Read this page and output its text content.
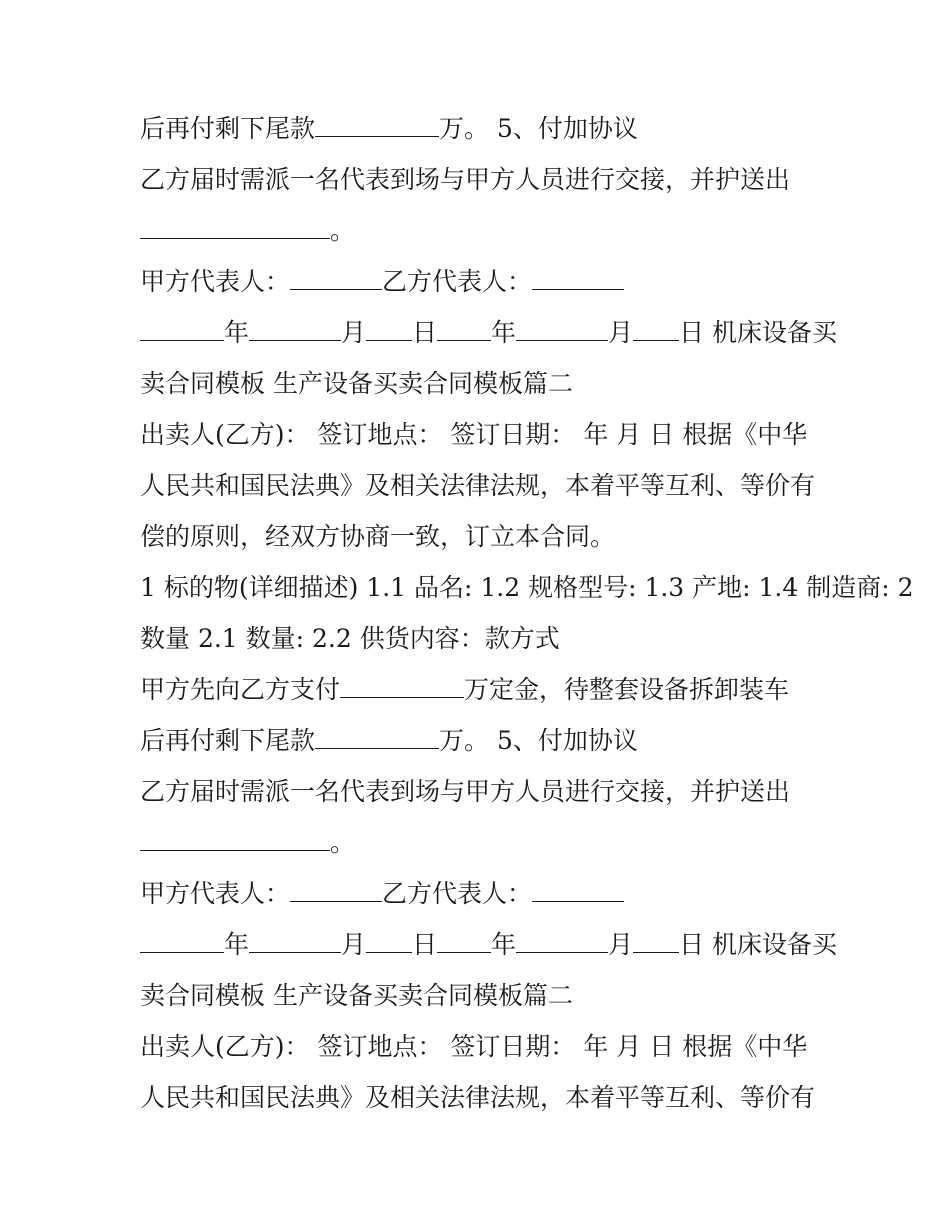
后再付剩下尾款	万。 5、付加协议
乙方届时需派一名代表到场与甲方人员进行交接，并护送出
。
甲方代表人：	乙方代表人：
年	月 日 年	月 日 机床设备买
卖合同模板 生产设备买卖合同模板篇二
出卖人(乙方)： 签订地点： 签订日期： 年 月 日 根据《中华
人民共和国民法典》及相关法律法规，本着平等互利、等价有
偿的原则，经双方协商一致，订立本合同。
1 标的物(详细描述) 1.1 品名: 1.2 规格型号: 1.3 产地: 1.4 制造商: 2
数量 2.1 数量: 2.2 供货内容：款方式
甲方先向乙方支付	万定金，待整套设备拆卸装车
后再付剩下尾款	万。 5、付加协议
乙方届时需派一名代表到场与甲方人员进行交接，并护送出
。
甲方代表人：	乙方代表人：
年	月 日 年	月 日 机床设备买
卖合同模板 生产设备买卖合同模板篇二
出卖人(乙方)： 签订地点： 签订日期： 年 月 日 根据《中华
人民共和国民法典》及相关法律法规，本着平等互利、等价有
